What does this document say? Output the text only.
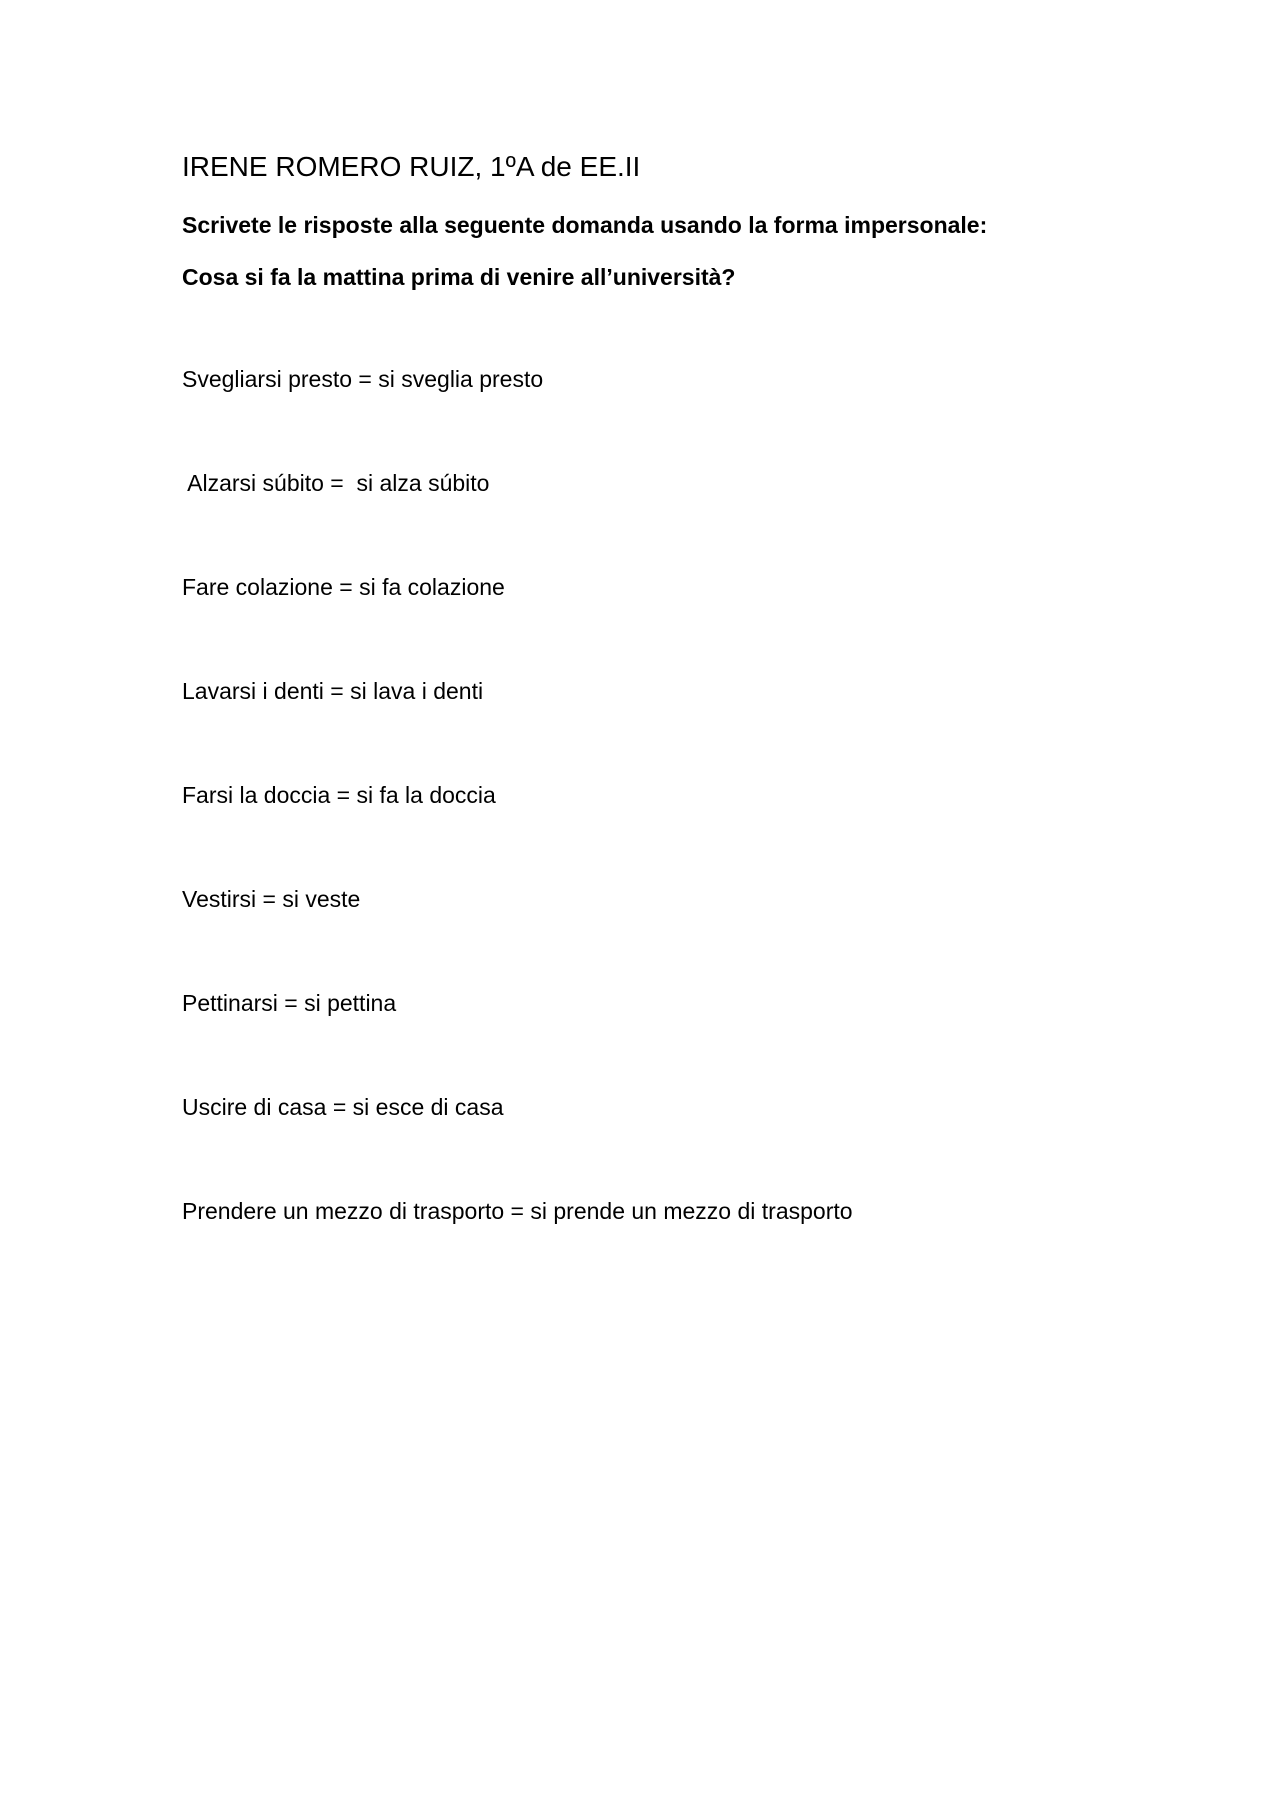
IRENE ROMERO RUIZ, 1ºA de EE.II

Scrivete le risposte alla seguente domanda usando la forma impersonale:

Cosa si fa la mattina prima di venire all’università?

Svegliarsi presto = si sveglia presto

Alzarsi súbito =  si alza súbito

Fare colazione = si fa colazione

Lavarsi i denti = si lava i denti

Farsi la doccia = si fa la doccia

Vestirsi = si veste

Pettinarsi = si pettina

Uscire di casa = si esce di casa

Prendere un mezzo di trasporto = si prende un mezzo di trasporto
